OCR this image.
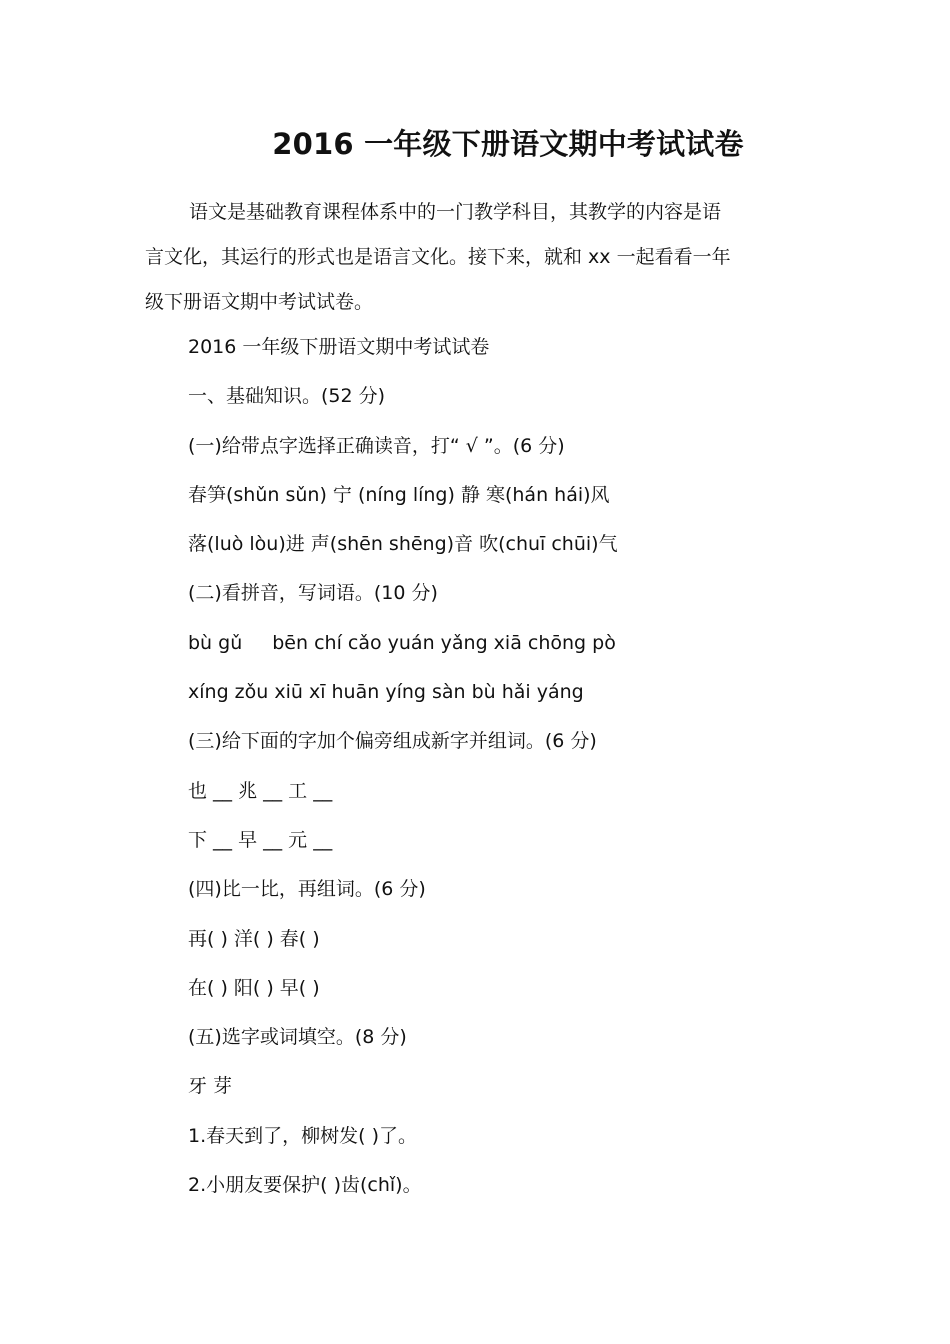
2016 一年级下册语文期中考试试卷
语文是基础教育课程体系中的一门教学科目，其教学的内容是语
言文化，其运行的形式也是语言文化。接下来，就和 xx 一起看看一年
级下册语文期中考试试卷。
2016 一年级下册语文期中考试试卷
一、基础知识。(52 分)
(一)给带点字选择正确读音，打“ √ ”。(6 分)
春笋(shǔn sǔn) 宁 (níng líng) 静 寒(hán hái)风
落(luò lòu)进 声(shēn shēng)音 吹(chuī chūi)气
(二)看拼音，写词语。(10 分)
bù gǔ bēn chí cǎo yuán yǎng xiā chōng pò
xíng zǒu xiū xī huān yíng sàn bù hǎi yáng
(三)给下面的字加个偏旁组成新字并组词。(6 分)
也 __ 兆 __ 工 __
下 __ 早 __ 元 __
(四)比一比，再组词。(6 分)
再( ) 洋( ) 春( )
在( ) 阳( ) 早( )
(五)选字或词填空。(8 分)
牙 芽
1.春天到了，柳树发( )了。
2.小朋友要保护( )齿(chǐ)。
